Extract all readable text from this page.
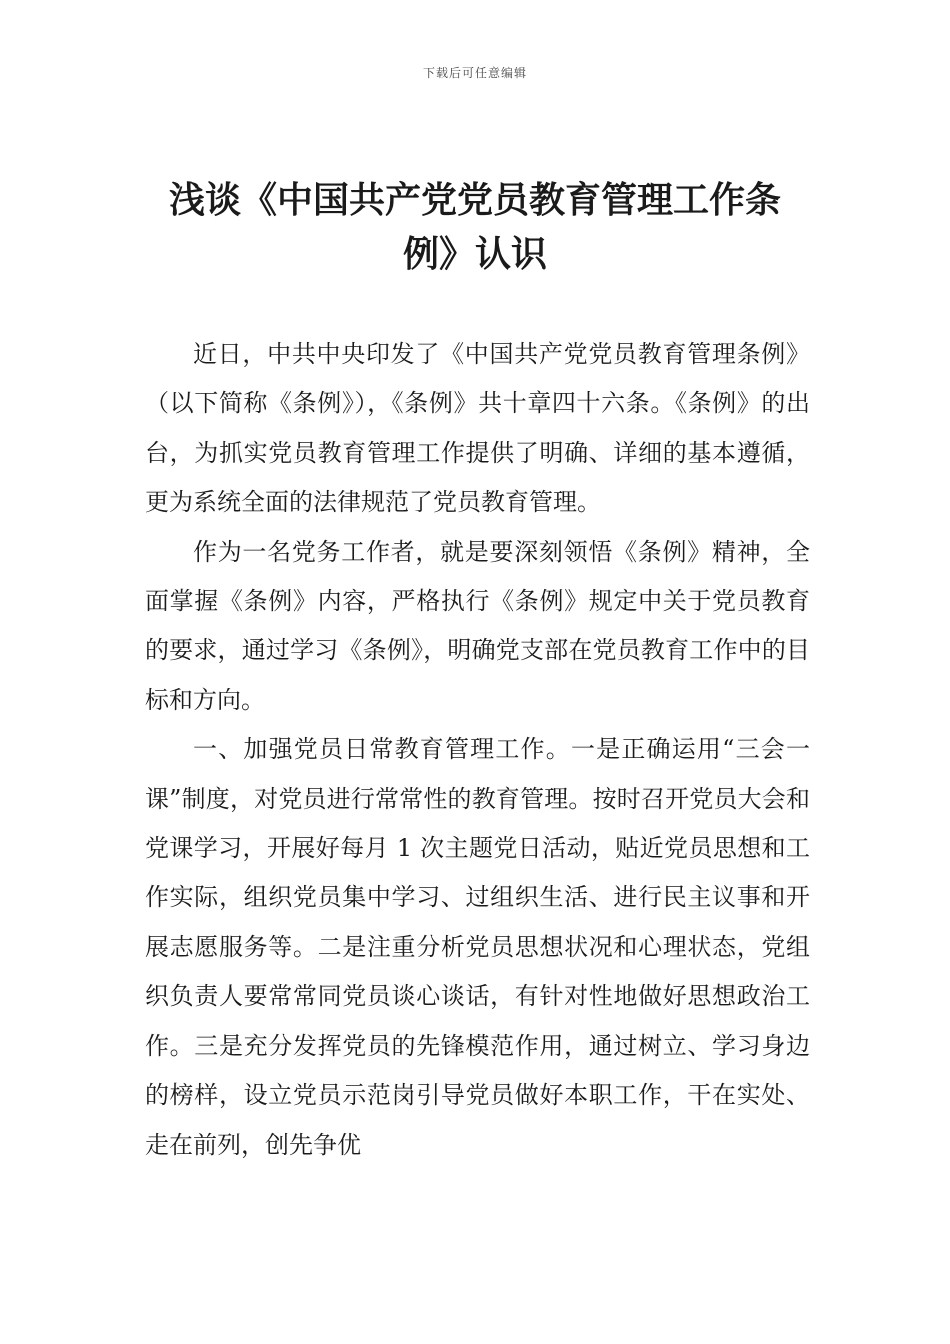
下载后可任意编辑
浅谈《中国共产党党员教育管理工作条
例》认识

近日，中共中央印发了《中国共产党党员教育管理条例》（以下简称《条例》），《条例》共十章四十六条。《条例》的出台，为抓实党员教育管理工作提供了明确、详细的基本遵循，更为系统全面的法律规范了党员教育管理。

作为一名党务工作者，就是要深刻领悟《条例》精神，全面掌握《条例》内容，严格执行《条例》规定中关于党员教育的要求，通过学习《条例》，明确党支部在党员教育工作中的目标和方向。

一、加强党员日常教育管理工作。一是正确运用“三会一课”制度，对党员进行常常性的教育管理。按时召开党员大会和党课学习，开展好每月 1 次主题党日活动，贴近党员思想和工作实际，组织党员集中学习、过组织生活、进行民主议事和开展志愿服务等。二是注重分析党员思想状况和心理状态，党组织负责人要常常同党员谈心谈话，有针对性地做好思想政治工作。三是充分发挥党员的先锋模范作用，通过树立、学习身边的榜样，设立党员示范岗引导党员做好本职工作，干在实处、走在前列，创先争优
